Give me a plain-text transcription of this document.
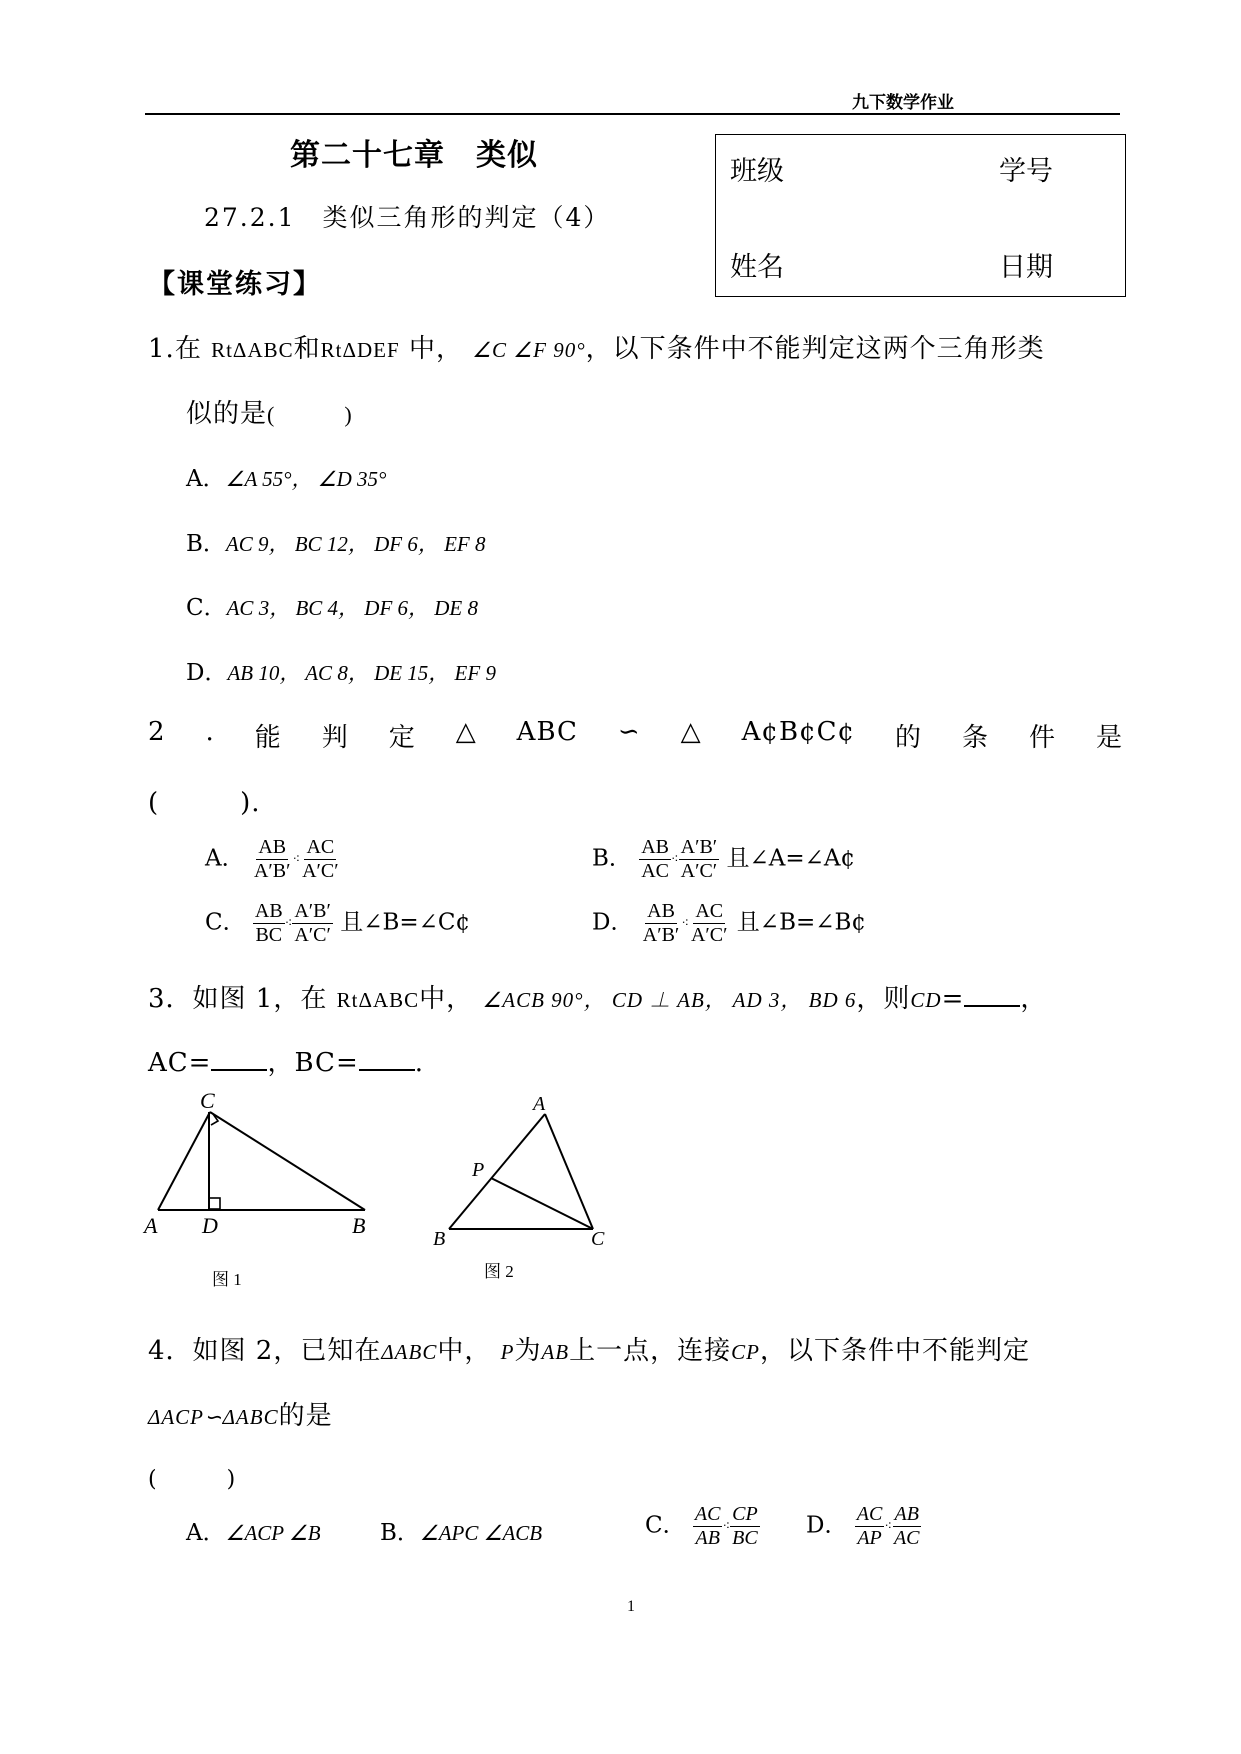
九下数学作业
第二十七章　类似
27.2.1　类似三角形的判定（4）
【课堂练习】
班级	学号
姓名	日期
1.在 RtΔABC和RtΔDEF 中， ∠C ∠F 90°，以下条件中不能判定这两个三角形类
似的是(　　　)
A．∠A 55°， ∠D 35°
B．AC 9， BC 12， DF 6， EF 8
C．AC 3， BC 4， DF 6， DE 8
D．AB 10， AC 8， DE 15， EF 9
2 . 能 判 定 △ ABC ∽ △ A¢B¢C¢ 的 条 件 是
(　　　).
A． $\frac{AB}{A'B'}$ ⁖ $\frac{AC}{A'C'}$	B． $\frac{AB}{AC}$ ⁖ $\frac{A'B'}{A'C'}$ 且∠A=∠A¢
C． $\frac{AB}{BC}$ ⁖ $\frac{A'B'}{A'C'}$ 且∠B=∠C¢	D． $\frac{AB}{A'B'}$ ⁖ $\frac{AC}{A'C'}$ 且∠B=∠B¢
3．如图 1，在 RtΔABC中， ∠ACB 90°， CD ⊥ AB， AD 3， BD 6，则CD= ，
AC= ，BC= .
C
A D	B
图 1
A
P
B	C
图 2
4．如图 2，已知在ΔABC中， P为AB上一点，连接CP，以下条件中不能判定
ΔACP∽ΔABC的是
(　　　)
A．∠ACP ∠B	B．∠APC ∠ACB	C． $\frac{AC}{AB}$ ⁖ $\frac{CP}{BC}$ D． $\frac{AC}{AP}$ ⁖ $\frac{AB}{AC}$
1
